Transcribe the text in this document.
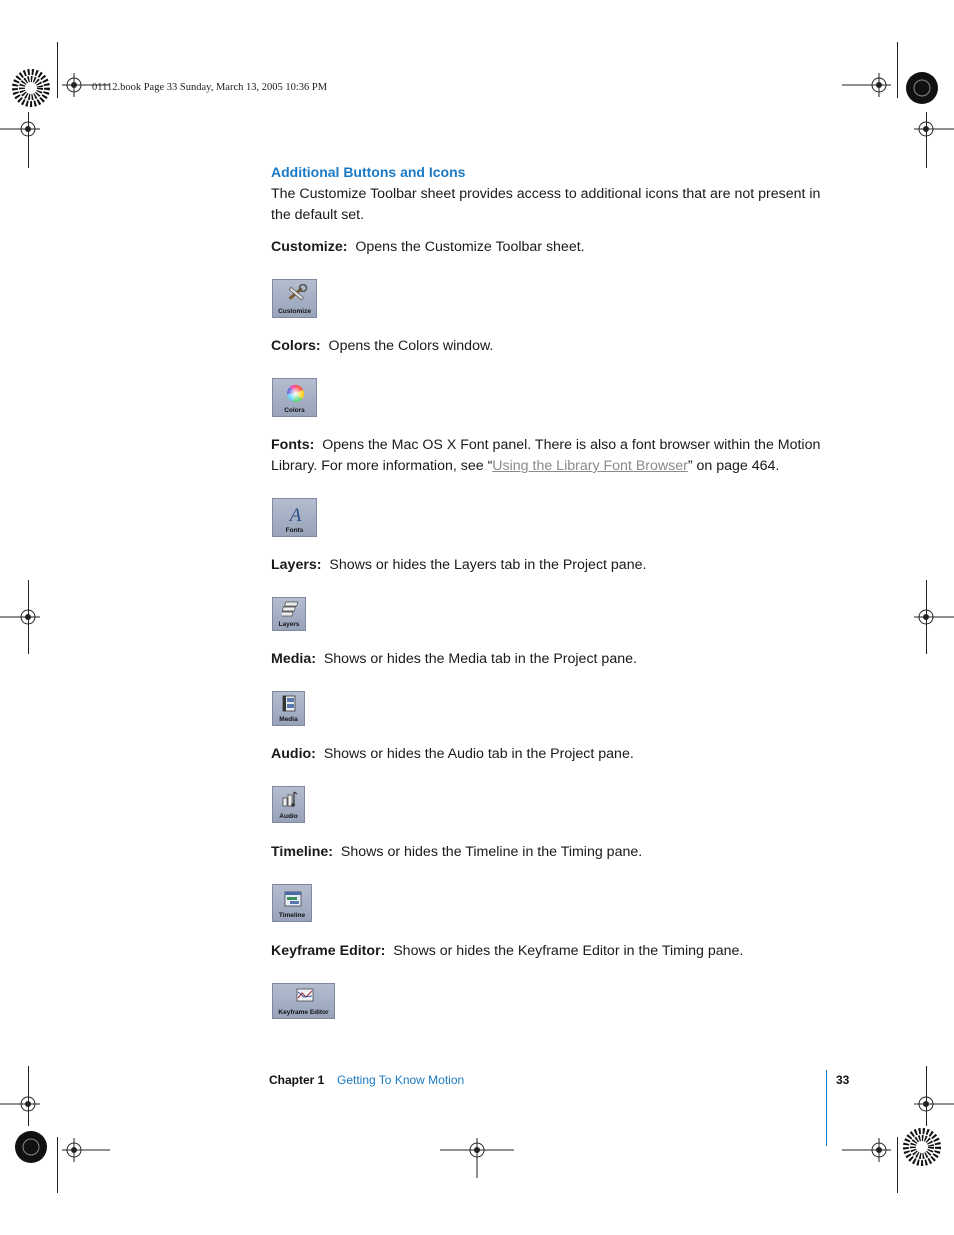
01112.book Page 33 Sunday, March 13, 2005 10:36 PM
Additional Buttons and Icons
The Customize Toolbar sheet provides access to additional icons that are not present in the default set.
Customize: Opens the Customize Toolbar sheet.
Customize
Colors: Opens the Colors window.
Colors
Fonts: Opens the Mac OS X Font panel. There is also a font browser within the Motion Library. For more information, see “Using the Library Font Browser” on page 464.
A
Fonts
Layers: Shows or hides the Layers tab in the Project pane.
Layers
Media: Shows or hides the Media tab in the Project pane.
Media
Audio: Shows or hides the Audio tab in the Project pane.
Audio
Timeline: Shows or hides the Timeline in the Timing pane.
Timeline
Keyframe Editor: Shows or hides the Keyframe Editor in the Timing pane.
Keyframe Editor
Chapter 1 Getting To Know Motion	33
